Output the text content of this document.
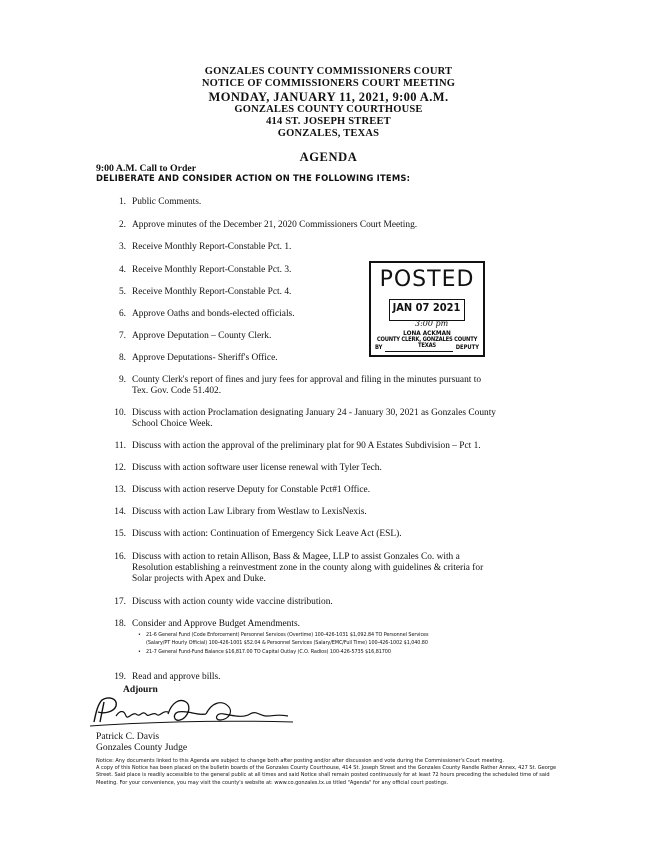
GONZALES COUNTY COMMISSIONERS COURT
NOTICE OF COMMISSIONERS COURT MEETING
MONDAY, JANUARY 11, 2021, 9:00 A.M.
GONZALES COUNTY COURTHOUSE
414 ST. JOSEPH STREET
GONZALES, TEXAS
AGENDA
9:00 A.M. Call to Order
DELIBERATE AND CONSIDER ACTION ON THE FOLLOWING ITEMS:
1. Public Comments.
2. Approve minutes of the December 21, 2020 Commissioners Court Meeting.
3. Receive Monthly Report-Constable Pct. 1.
4. Receive Monthly Report-Constable Pct. 3.
5. Receive Monthly Report-Constable Pct. 4.
6. Approve Oaths and bonds-elected officials.
7. Approve Deputation – County Clerk.
8. Approve Deputations- Sheriff's Office.
9. County Clerk's report of fines and jury fees for approval and filing in the minutes pursuant to
Tex. Gov. Code 51.402.
10. Discuss with action Proclamation designating January 24 - January 30, 2021 as Gonzales County
School Choice Week.
11. Discuss with action the approval of the preliminary plat for 90 A Estates Subdivision – Pct 1.
12. Discuss with action software user license renewal with Tyler Tech.
13. Discuss with action reserve Deputy for Constable Pct#1 Office.
14. Discuss with action Law Library from Westlaw to LexisNexis.
15. Discuss with action: Continuation of Emergency Sick Leave Act (ESL).
16. Discuss with action to retain Allison, Bass & Magee, LLP to assist Gonzales Co. with a
Resolution establishing a reinvestment zone in the county along with guidelines & criteria for
Solar projects with Apex and Duke.
17. Discuss with action county wide vaccine distribution.
18. Consider and Approve Budget Amendments.
• 21-6 General Fund (Code Enforcement) Personnel Services (Overtime) 100-426-1031 $1,092.84 TO Personnel Services
(Salary/PT Hourly Official) 100-426-1001 $52.04 & Personnel Services (Salary/EMC/Full Time) 100-426-1002 $1,040.80
• 21-7 General Fund-Fund Balance $16,817.00 TO Capital Outlay (C.O. Radios) 100-426-5735 $16,81700
19. Read and approve bills.
POSTED
JAN 07 2021
3:00 pm
LONA ACKMAN
COUNTY CLERK, GONZALES COUNTY TEXAS
BY	DEPUTY
Adjourn
Patrick C. Davis
Gonzales County Judge
Notice: Any documents linked to this Agenda are subject to change both after posting and/or after discussion and vote during the Commissioner's Court meeting.
A copy of this Notice has been placed on the bulletin boards of the Gonzales County Courthouse, 414 St. Joseph Street and the Gonzales County Randle Rather Annex, 427 St. George Street. Said place is readily accessible to the general public at all times and said Notice shall remain posted continuously for at least 72 hours preceding the scheduled time of said Meeting. For your convenience, you may visit the county's website at: www.co.gonzales.tx.us titled "Agenda" for any official court postings.
